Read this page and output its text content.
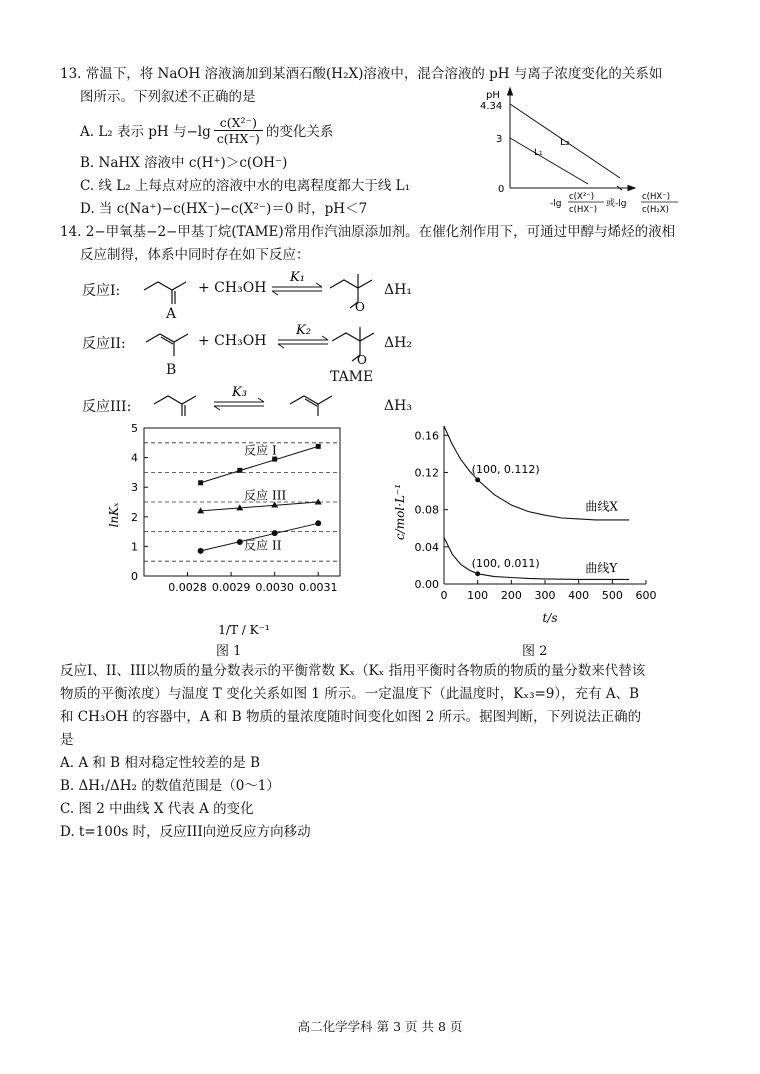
13. 常温下，将 NaOH 溶液滴加到某酒石酸(H₂X)溶液中，混合溶液的 pH 与离子浓度变化的关系如
图所示。下列叙述不正确的是
A. L₂ 表示 pH 与$-\lg \frac{\text{c(X²⁻)}}{c(HX^-)}$ 的变化关系
B. NaHX 溶液中 c(H⁺)＞c(OH⁻)
C. 线 L₂ 上每点对应的溶液中水的电离程度都大于线 L₁
D. 当 c(Na⁺)−c(HX⁻)−c(X²⁻)＝0 时，pH＜7
pH
4.34
3
0
L₂
L₁
-lg
c(X²⁻)
c(HX⁻)
或-lg
c(HX⁻)
c(H₂X)
14. 2−甲氧基−2−甲基丁烷(TAME)常用作汽油原添加剂。在催化剂作用下，可通过甲醇与烯烃的液相
反应制得，体系中同时存在如下反应：
反应I:
A
+ CH₃OH
K₁
O
ΔH₁
反应II:
B
+ CH₃OH
K₂
O
ΔH₂
TAME
反应III:
K₃
ΔH₃
0
1
2
3
4
5
0.0028 0.0029 0.0030 0.0031
反应 I
反应 III
反应 II
lnKₓ
1/T / K⁻¹
0.00
0.04
0.08
0.12
0.16
0 100 200 300 400 500 600
曲线X
曲线Y
(100, 0.112)
(100, 0.011)
c/mol·L⁻¹
t/s
图 1	图 2
反应I、II、III以物质的量分数表示的平衡常数 Kₓ（Kₓ 指用平衡时各物质的物质的量分数来代替该
物质的平衡浓度）与温度 T 变化关系如图 1 所示。一定温度下（此温度时，Kₓ₃=9），充有 A、B
和 CH₃OH 的容器中，A 和 B 物质的量浓度随时间变化如图 2 所示。据图判断，下列说法正确的
是
A. A 和 B 相对稳定性较差的是 B
B. ΔH₁/ΔH₂ 的数值范围是（0～1）
C. 图 2 中曲线 X 代表 A 的变化
D. t=100s 时，反应III向逆反应方向移动
高二化学学科 第 3 页 共 8 页
